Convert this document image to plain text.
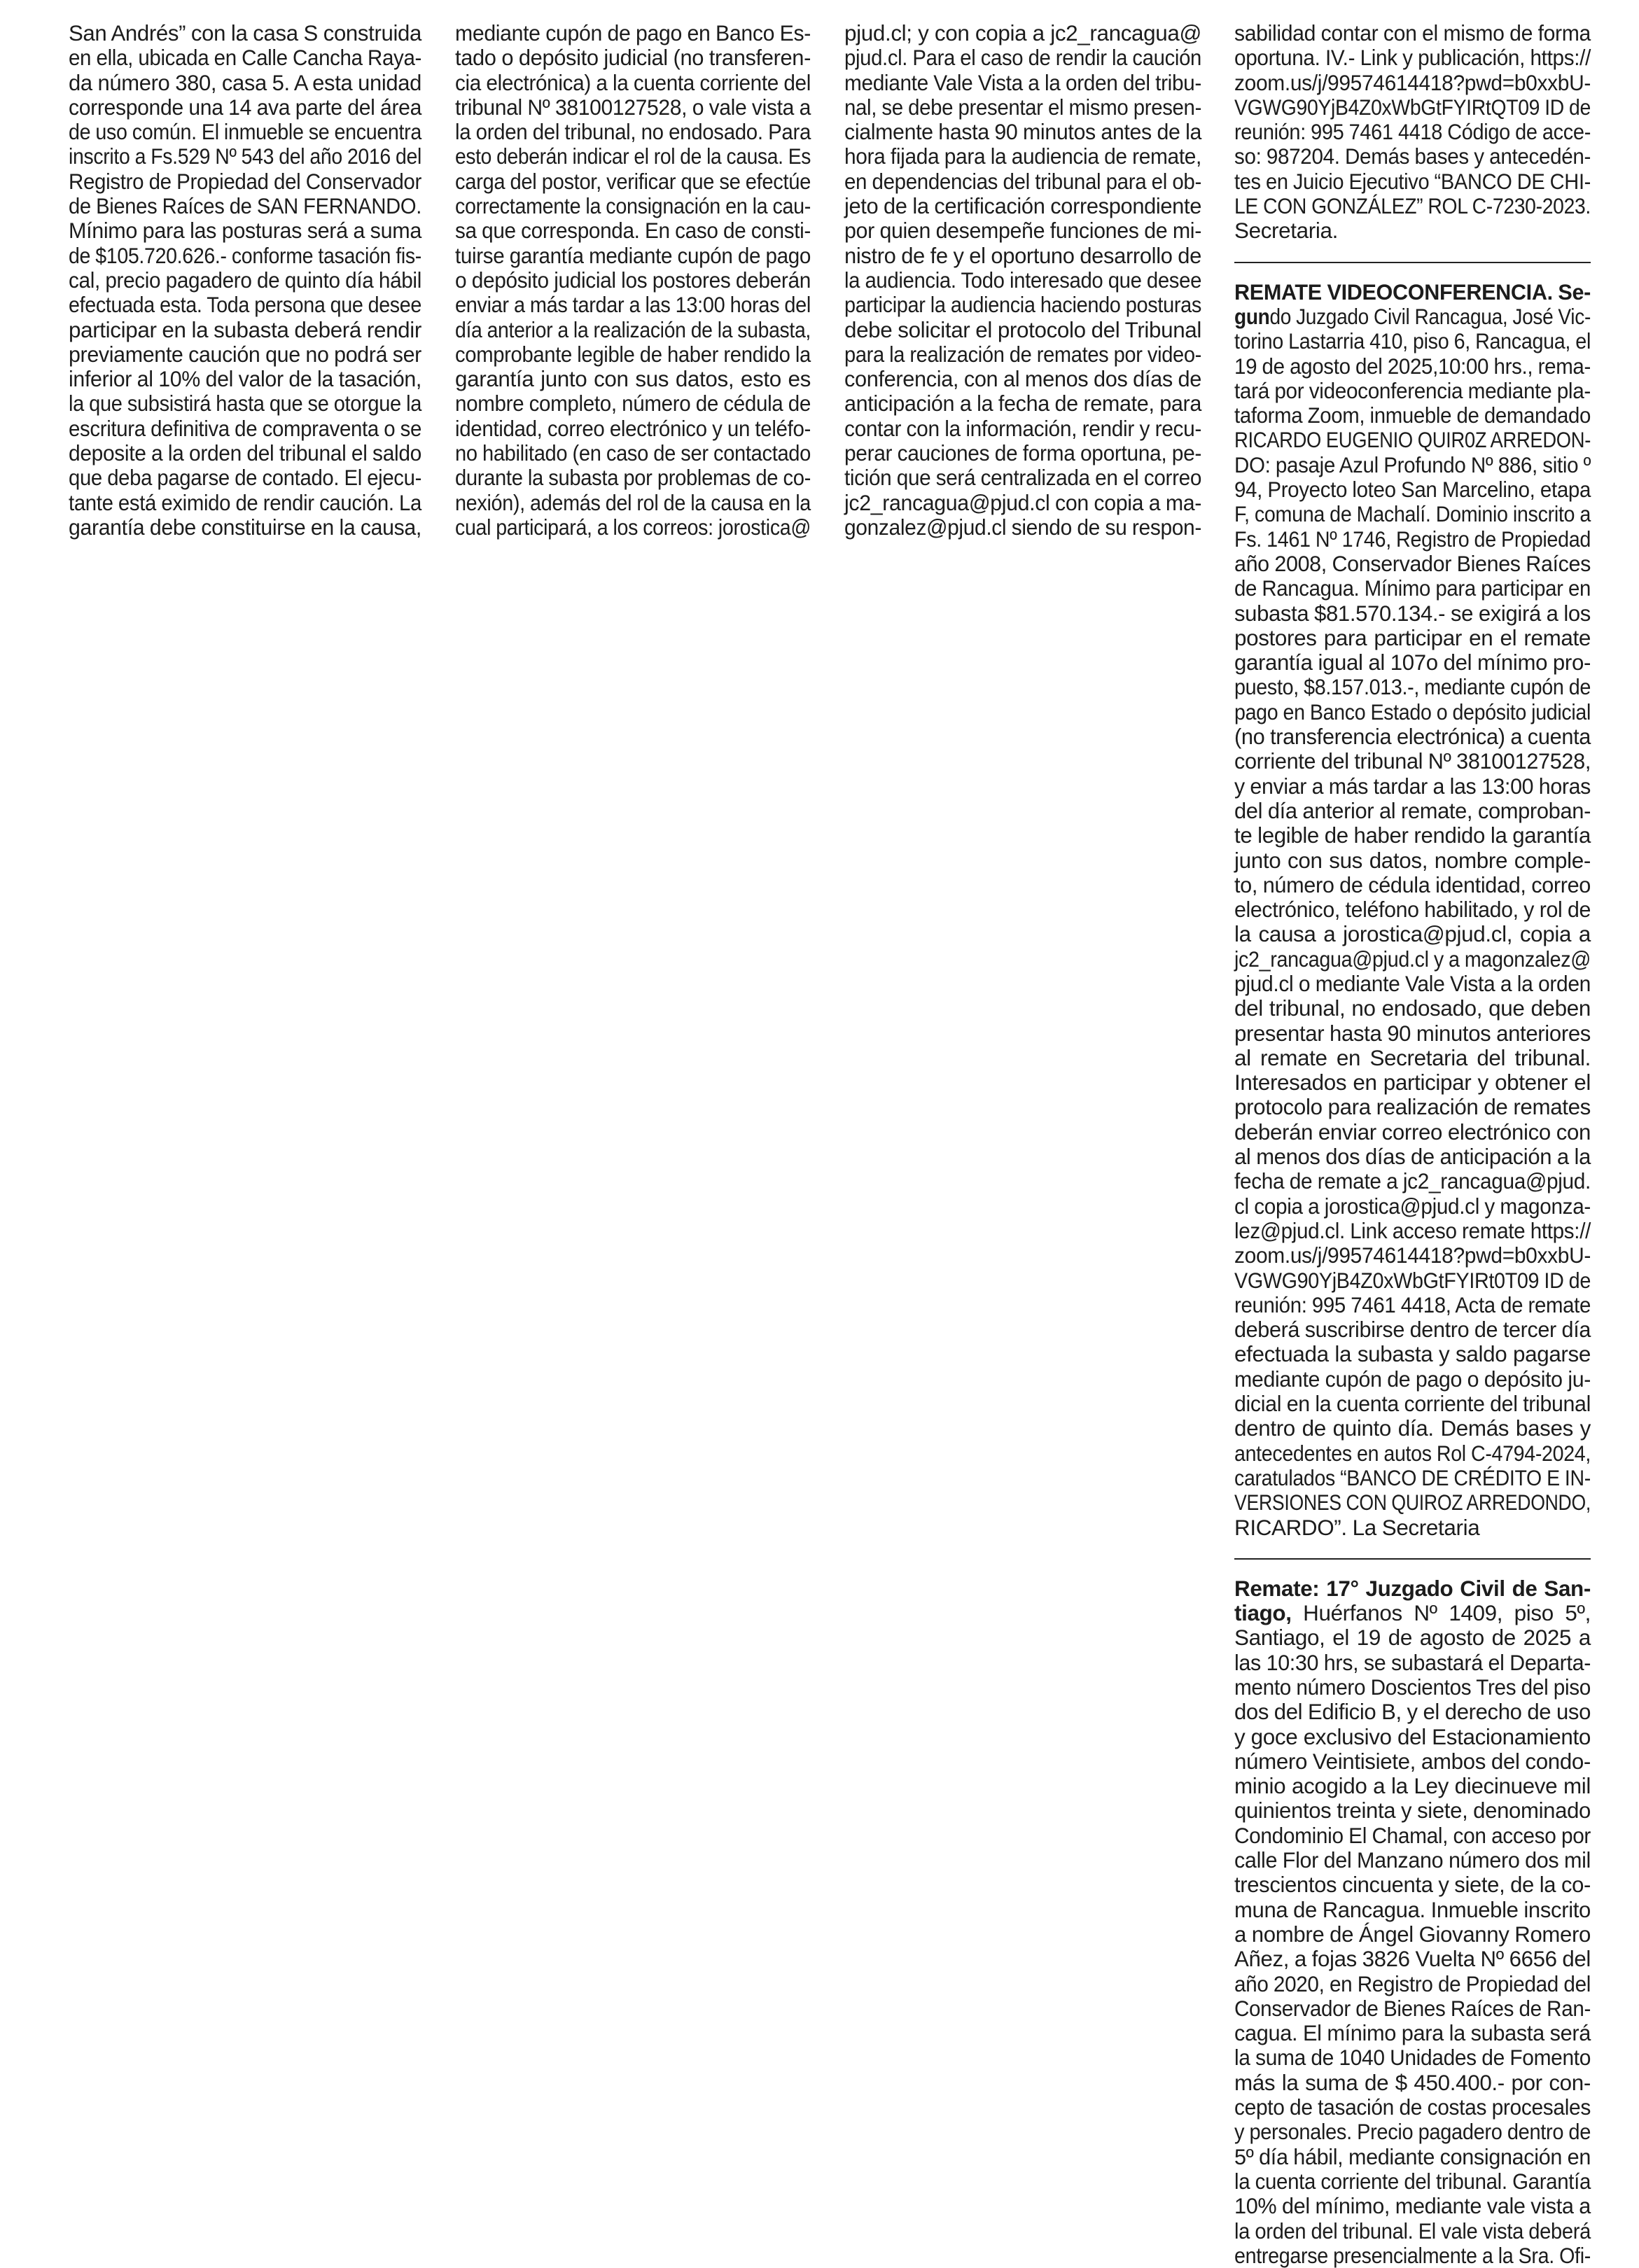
San Andrés” con la casa S construida
en ella, ubicada en Calle Cancha Raya-
da número 380, casa 5. A esta unidad
corresponde una 14 ava parte del área
de uso común. El inmueble se encuentra
inscrito a Fs.529 Nº 543 del año 2016 del
Registro de Propiedad del Conservador
de Bienes Raíces de SAN FERNANDO.
Mínimo para las posturas será a suma
de $105.720.626.- conforme tasación fis-
cal, precio pagadero de quinto día hábil
efectuada esta. Toda persona que desee
participar en la subasta deberá rendir
previamente caución que no podrá ser
inferior al 10% del valor de la tasación,
la que subsistirá hasta que se otorgue la
escritura definitiva de compraventa o se
deposite a la orden del tribunal el saldo
que deba pagarse de contado. El ejecu-
tante está eximido de rendir caución. La
garantía debe constituirse en la causa,
mediante cupón de pago en Banco Es-
tado o depósito judicial (no transferen-
cia electrónica) a la cuenta corriente del
tribunal Nº 38100127528, o vale vista a
la orden del tribunal, no endosado. Para
esto deberán indicar el rol de la causa. Es
carga del postor, verificar que se efectúe
correctamente la consignación en la cau-
sa que corresponda. En caso de consti-
tuirse garantía mediante cupón de pago
o depósito judicial los postores deberán
enviar a más tardar a las 13:00 horas del
día anterior a la realización de la subasta,
comprobante legible de haber rendido la
garantía junto con sus datos, esto es
nombre completo, número de cédula de
identidad, correo electrónico y un teléfo-
no habilitado (en caso de ser contactado
durante la subasta por problemas de co-
nexión), además del rol de la causa en la
cual participará, a los correos: jorostica@
pjud.cl; y con copia a jc2_rancagua@
pjud.cl. Para el caso de rendir la caución
mediante Vale Vista a la orden del tribu-
nal, se debe presentar el mismo presen-
cialmente hasta 90 minutos antes de la
hora fijada para la audiencia de remate,
en dependencias del tribunal para el ob-
jeto de la certificación correspondiente
por quien desempeñe funciones de mi-
nistro de fe y el oportuno desarrollo de
la audiencia. Todo interesado que desee
participar la audiencia haciendo posturas
debe solicitar el protocolo del Tribunal
para la realización de remates por video-
conferencia, con al menos dos días de
anticipación a la fecha de remate, para
contar con la información, rendir y recu-
perar cauciones de forma oportuna, pe-
tición que será centralizada en el correo
jc2_rancagua@pjud.cl con copia a ma-
gonzalez@pjud.cl siendo de su respon-
sabilidad contar con el mismo de forma
oportuna. IV.- Link y publicación, https://
zoom.us/j/99574614418?pwd=b0xxbU-
VGWG90YjB4Z0xWbGtFYIRtQT09 ID de
reunión: 995 7461 4418 Código de acce-
so: 987204. Demás bases y antecedén-
tes en Juicio Ejecutivo “BANCO DE CHI-
LE CON GONZÁLEZ” ROL C-7230-2023.
Secretaria.
REMATE VIDEOCONFERENCIA. Se-
gundo Juzgado Civil Rancagua, José Vic-
torino Lastarria 410, piso 6, Rancagua, el
19 de agosto del 2025,10:00 hrs., rema-
tará por videoconferencia mediante pla-
taforma Zoom, inmueble de demandado
RICARDO EUGENIO QUIR0Z ARREDON-
DO: pasaje Azul Profundo Nº 886, sitio º
94, Proyecto loteo San Marcelino, etapa
F, comuna de Machalí. Dominio inscrito a
Fs. 1461 Nº 1746, Registro de Propiedad
año 2008, Conservador Bienes Raíces
de Rancagua. Mínimo para participar en
subasta $81.570.134.- se exigirá a los
postores para participar en el remate
garantía igual al 107o del mínimo pro-
puesto, $8.157.013.-, mediante cupón de
pago en Banco Estado o depósito judicial
(no transferencia electrónica) a cuenta
corriente del tribunal Nº 38100127528,
y enviar a más tardar a las 13:00 horas
del día anterior al remate, comproban-
te legible de haber rendido la garantía
junto con sus datos, nombre comple-
to, número de cédula identidad, correo
electrónico, teléfono habilitado, y rol de
la causa a jorostica@pjud.cl, copia a
jc2_rancagua@pjud.cl y a magonzalez@
pjud.cl o mediante Vale Vista a la orden
del tribunal, no endosado, que deben
presentar hasta 90 minutos anteriores
al remate en Secretaria del tribunal.
Interesados en participar y obtener el
protocolo para realización de remates
deberán enviar correo electrónico con
al menos dos días de anticipación a la
fecha de remate a jc2_rancagua@pjud.
cl copia a jorostica@pjud.cl y magonza-
lez@pjud.cl. Link acceso remate https://
zoom.us/j/99574614418?pwd=b0xxbU-
VGWG90YjB4Z0xWbGtFYIRt0T09 ID de
reunión: 995 7461 4418, Acta de remate
deberá suscribirse dentro de tercer día
efectuada la subasta y saldo pagarse
mediante cupón de pago o depósito ju-
dicial en la cuenta corriente del tribunal
dentro de quinto día. Demás bases y
antecedentes en autos Rol C-4794-2024,
caratulados “BANCO DE CRÉDITO E IN-
VERSIONES CON QUIROZ ARREDONDO,
RICARDO”. La Secretaria
Remate: 17° Juzgado Civil de San-
tiago, Huérfanos Nº 1409, piso 5º,
Santiago, el 19 de agosto de 2025 a
las 10:30 hrs, se subastará el Departa-
mento número Doscientos Tres del piso
dos del Edificio B, y el derecho de uso
y goce exclusivo del Estacionamiento
número Veintisiete, ambos del condo-
minio acogido a la Ley diecinueve mil
quinientos treinta y siete, denominado
Condominio El Chamal, con acceso por
calle Flor del Manzano número dos mil
trescientos cincuenta y siete, de la co-
muna de Rancagua. Inmueble inscrito
a nombre de Ángel Giovanny Romero
Añez, a fojas 3826 Vuelta Nº 6656 del
año 2020, en Registro de Propiedad del
Conservador de Bienes Raíces de Ran-
cagua. El mínimo para la subasta será
la suma de 1040 Unidades de Fomento
más la suma de $ 450.400.- por con-
cepto de tasación de costas procesales
y personales. Precio pagadero dentro de
5º día hábil, mediante consignación en
la cuenta corriente del tribunal. Garantía
10% del mínimo, mediante vale vista a
la orden del tribunal. El vale vista deberá
entregarse presencialmente a la Sra. Ofi-
